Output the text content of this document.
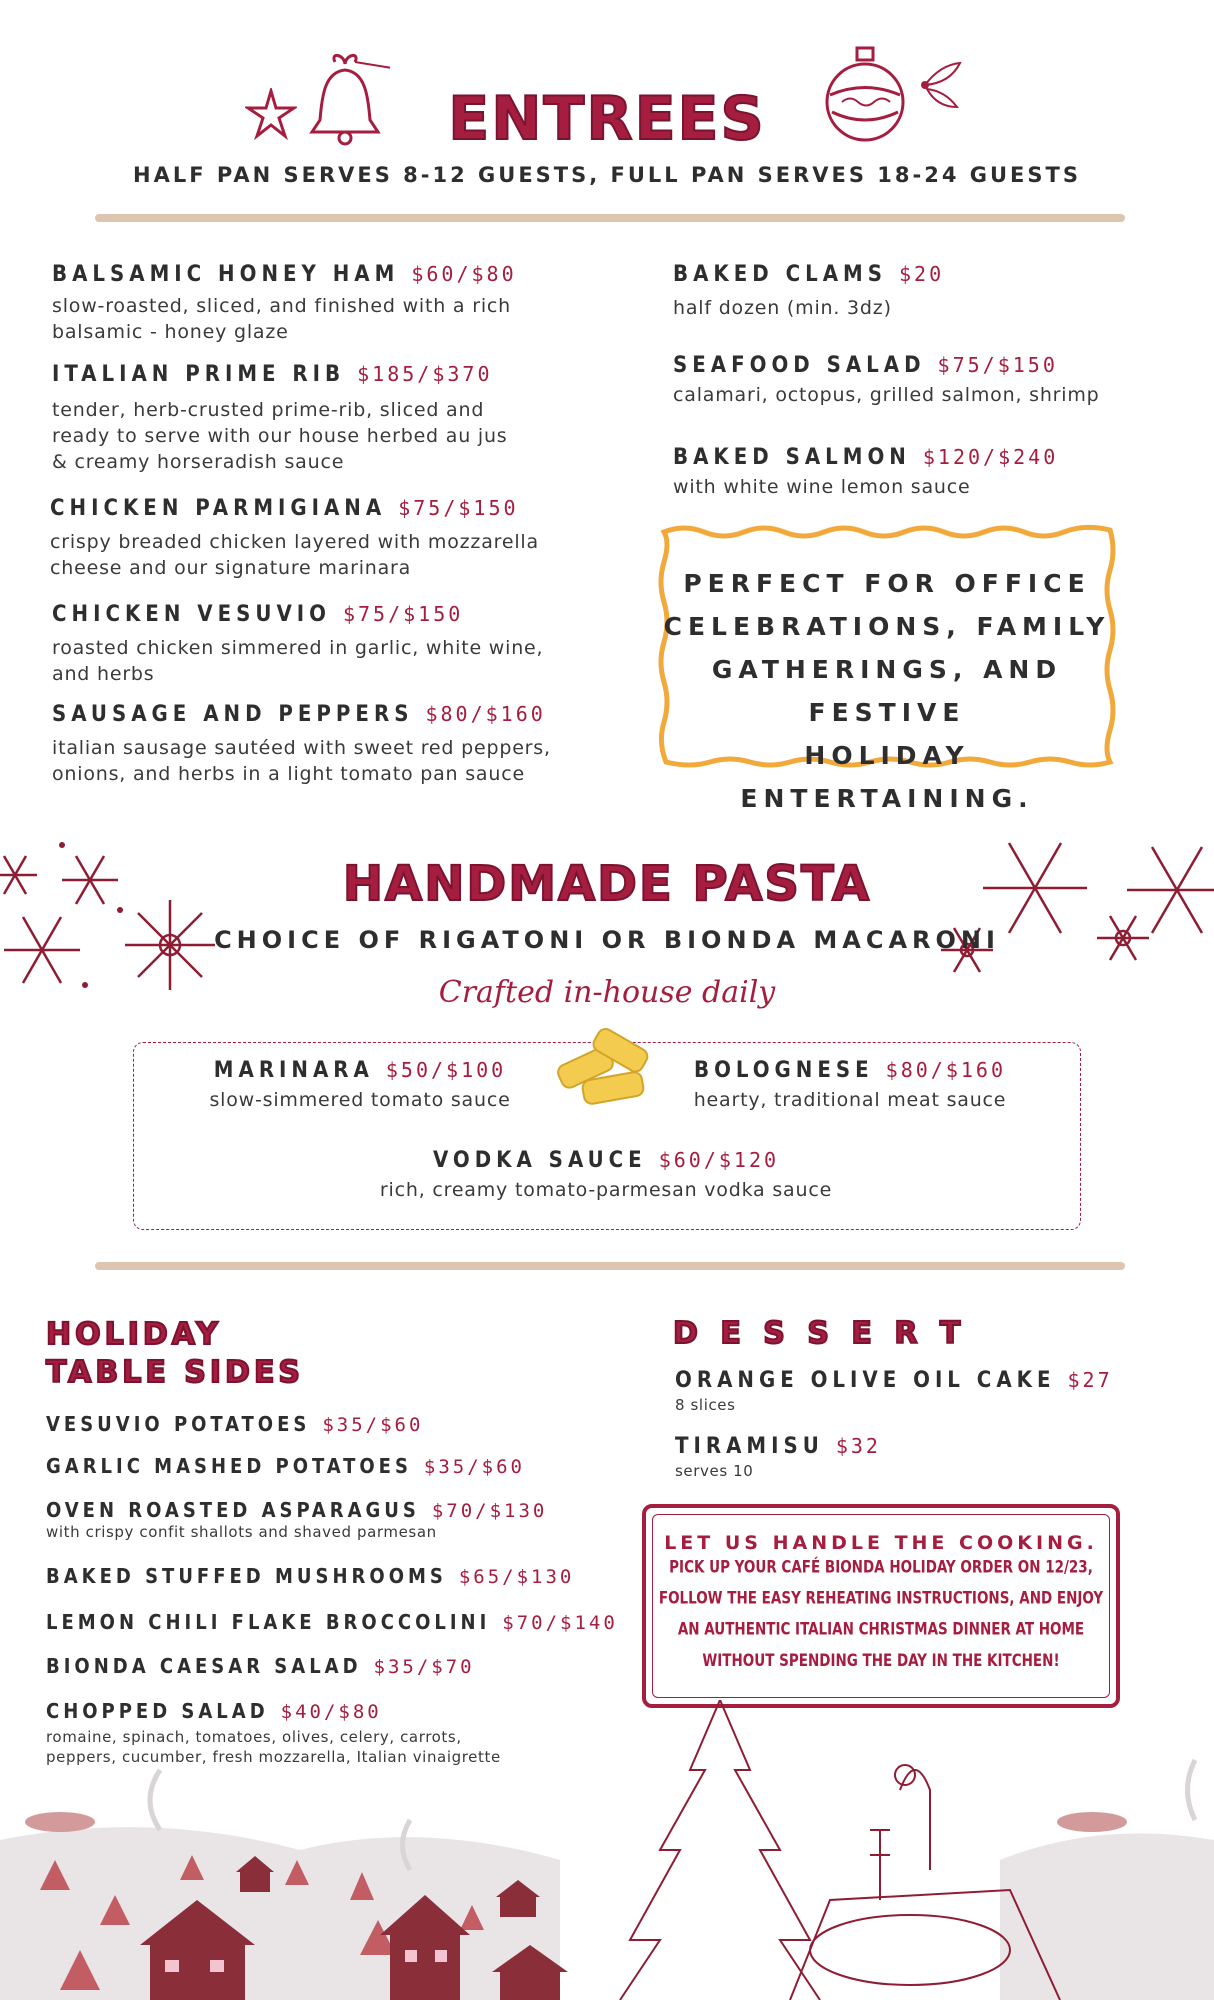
ENTREES
HALF PAN SERVES 8-12 GUESTS, FULL PAN SERVES 18-24 GUESTS
BALSAMIC HONEY HAM $60/$80
slow-roasted, sliced, and finished with a rich
balsamic - honey glaze
ITALIAN PRIME RIB $185/$370
tender, herb-crusted prime-rib, sliced and
ready to serve with our house herbed au jus
& creamy horseradish sauce
CHICKEN PARMIGIANA $75/$150
crispy breaded chicken layered with mozzarella
cheese and our signature marinara
CHICKEN VESUVIO $75/$150
roasted chicken simmered in garlic, white wine,
and herbs
SAUSAGE AND PEPPERS $80/$160
italian sausage sautéed with sweet red peppers,
onions, and herbs in a light tomato pan sauce
BAKED CLAMS $20
half dozen (min. 3dz)
SEAFOOD SALAD $75/$150
calamari, octopus, grilled salmon, shrimp
BAKED SALMON $120/$240
with white wine lemon sauce
PERFECT FOR OFFICE
CELEBRATIONS, FAMILY
GATHERINGS, AND FESTIVE
HOLIDAY ENTERTAINING.
HANDMADE PASTA
CHOICE OF RIGATONI OR BIONDA MACARONI
Crafted in-house daily
MARINARA $50/$100
slow-simmered tomato sauce
BOLOGNESE $80/$160
hearty, traditional meat sauce
VODKA SAUCE $60/$120
rich, creamy tomato-parmesan vodka sauce
HOLIDAY
TABLE SIDES
VESUVIO POTATOES $35/$60
GARLIC MASHED POTATOES $35/$60
OVEN ROASTED ASPARAGUS $70/$130
with crispy confit shallots and shaved parmesan
BAKED STUFFED MUSHROOMS $65/$130
LEMON CHILI FLAKE BROCCOLINI $70/$140
BIONDA CAESAR SALAD $35/$70
CHOPPED SALAD $40/$80
romaine, spinach, tomatoes, olives, celery, carrots,
peppers, cucumber, fresh mozzarella, Italian vinaigrette
D E S S E R T
ORANGE OLIVE OIL CAKE $27
8 slices
TIRAMISU $32
serves 10
LET US HANDLE THE COOKING.
PICK UP YOUR CAFÉ BIONDA HOLIDAY ORDER ON 12/23,
FOLLOW THE EASY REHEATING INSTRUCTIONS, AND ENJOY
AN AUTHENTIC ITALIAN CHRISTMAS DINNER AT HOME
WITHOUT SPENDING THE DAY IN THE KITCHEN!
